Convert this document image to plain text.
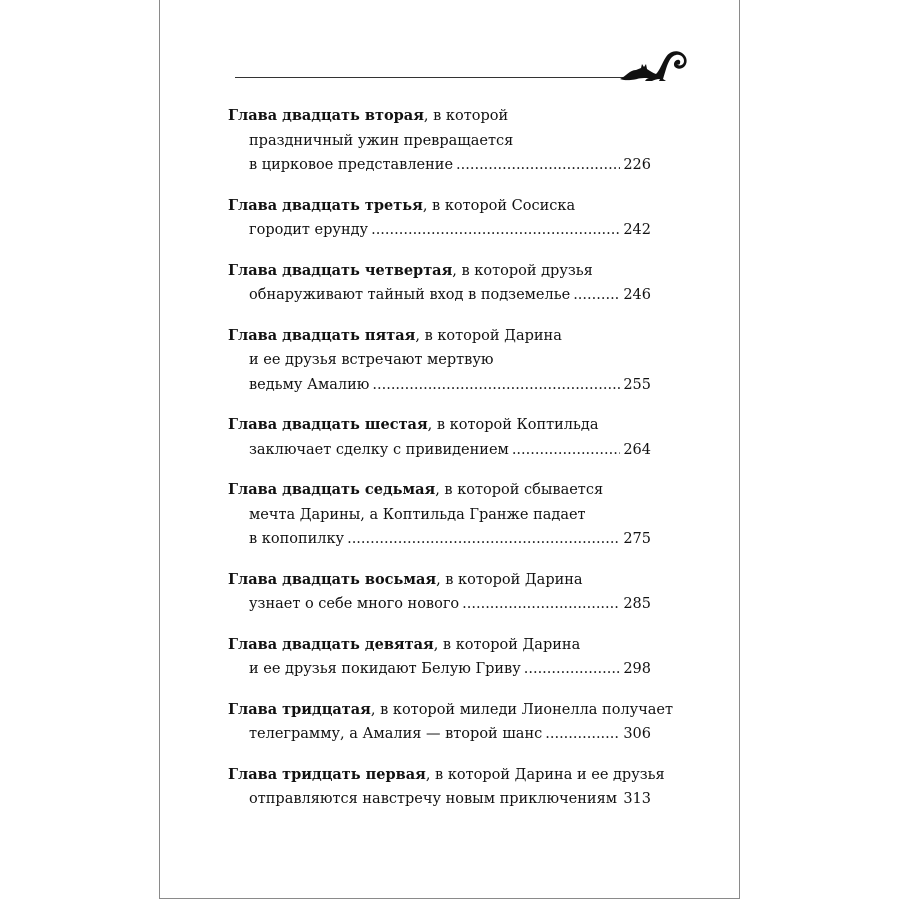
Глава двадцать вторая, в которой
праздничный ужин превращается
в цирковое представление .....	226
Глава двадцать третья, в которой Сосиска
городит ерунду .....	242
Глава двадцать четвертая, в которой друзья
обнаруживают тайный вход в подземелье .....	246
Глава двадцать пятая, в которой Дарина
и ее друзья встречают мертвую
ведьму Амалию .....	255
Глава двадцать шестая, в которой Коптильда
заключает сделку с привидением .....	264
Глава двадцать седьмая, в которой сбывается
мечта Дарины, а Коптильда Гранже падает
в копопилку .....	275
Глава двадцать восьмая, в которой Дарина
узнает о себе много нового .....	285
Глава двадцать девятая, в которой Дарина
и ее друзья покидают Белую Гриву .....	298
Глава тридцатая, в которой миледи Лионелла получает
телеграмму, а Амалия — второй шанс .....	306
Глава тридцать первая, в которой Дарина и ее друзья
отправляются навстречу новым приключениям ..... 313
